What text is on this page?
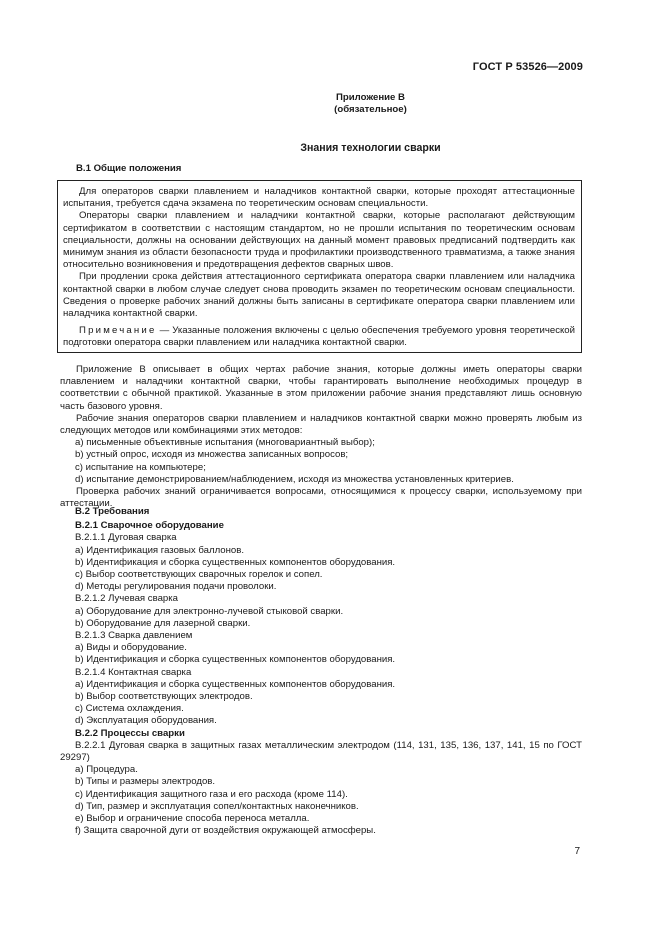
ГОСТ Р 53526—2009
Приложение В
(обязательное)
Знания технологии сварки
В.1 Общие положения
Для операторов сварки плавлением и наладчиков контактной сварки, которые проходят аттестационные испытания, требуется сдача экзамена по теоретическим основам специальности.
Операторы сварки плавлением и наладчики контактной сварки, которые располагают действующим сертификатом в соответствии с настоящим стандартом, но не прошли испытания по теоретическим основам специальности, должны на основании действующих на данный момент правовых предписаний подтвердить как минимум знания из области безопасности труда и профилактики производственного травматизма, а также знания относительно возникновения и предотвращения дефектов сварных швов.
При продлении срока действия аттестационного сертификата оператора сварки плавлением или наладчика контактной сварки в любом случае следует снова проводить экзамен по теоретическим основам специальности. Сведения о проверке рабочих знаний должны быть записаны в сертификате оператора сварки плавлением или наладчика контактной сварки.
Примечание — Указанные положения включены с целью обеспечения требуемого уровня теоретической подготовки оператора сварки плавлением или наладчика контактной сварки.
Приложение В описывает в общих чертах рабочие знания, которые должны иметь операторы сварки плавлением и наладчики контактной сварки, чтобы гарантировать выполнение необходимых процедур в соответствии с обычной практикой. Указанные в этом приложении рабочие знания представляют лишь основную часть базового уровня.
Рабочие знания операторов сварки плавлением и наладчиков контактной сварки можно проверять любым из следующих методов или комбинациями этих методов:
a) письменные объективные испытания (многовариантный выбор);
b) устный опрос, исходя из множества записанных вопросов;
c) испытание на компьютере;
d) испытание демонстрированием/наблюдением, исходя из множества установленных критериев.
Проверка рабочих знаний ограничивается вопросами, относящимися к процессу сварки, используемому при аттестации.
В.2 Требования
В.2.1 Сварочное оборудование
В.2.1.1 Дуговая сварка
a) Идентификация газовых баллонов.
b) Идентификация и сборка существенных компонентов оборудования.
c) Выбор соответствующих сварочных горелок и сопел.
d) Методы регулирования подачи проволоки.
В.2.1.2 Лучевая сварка
a) Оборудование для электронно-лучевой стыковой сварки.
b) Оборудование для лазерной сварки.
В.2.1.3 Сварка давлением
a) Виды и оборудование.
b) Идентификация и сборка существенных компонентов оборудования.
В.2.1.4 Контактная сварка
a) Идентификация и сборка существенных компонентов оборудования.
b) Выбор соответствующих электродов.
c) Система охлаждения.
d) Эксплуатация оборудования.
В.2.2 Процессы сварки
В.2.2.1 Дуговая сварка в защитных газах металлическим электродом (114, 131, 135, 136, 137, 141, 15 по ГОСТ 29297)
a) Процедура.
b) Типы и размеры электродов.
c) Идентификация защитного газа и его расхода (кроме 114).
d) Тип, размер и эксплуатация сопел/контактных наконечников.
e) Выбор и ограничение способа переноса металла.
f) Защита сварочной дуги от воздействия окружающей атмосферы.
7
